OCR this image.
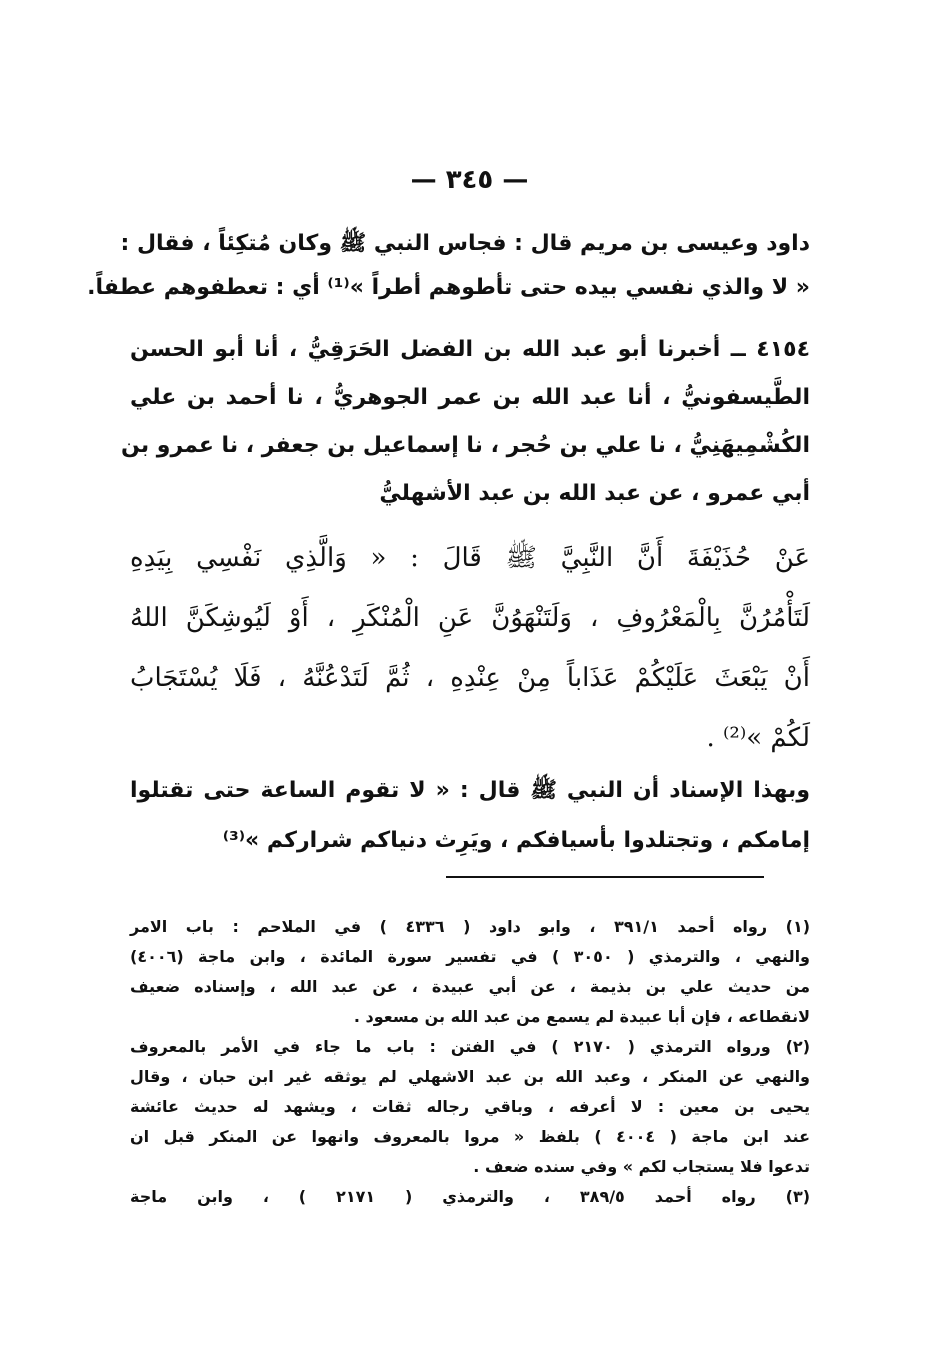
— ٣٤٥ —
داود وعيسى بن مريم قال : فجاس النبي ﷺ وكان مُتكِئاً ، فقال :
« لا والذي نفسي بيده حتى تأطوهم أطراً »⁽¹⁾ أي : تعطفوهم عطفاً.
٤١٥٤ ــ أخبرنا أبو عبد الله بن الفضل الحَرَقِيُّ ، أنا أبو الحسن
الطَّيسفونيُّ ، أنا عبد الله بن عمر الجوهريُّ ، نا أحمد بن علي
الكُشْمِيهَنِيُّ ، نا علي بن حُجر ، نا إسماعيل بن جعفر ، نا عمرو بن
أبي عمرو ، عن عبد الله بن عبد الأشهليُّ
عَنْ حُذَيْفَةَ أَنَّ النَّبِيَّ ﷺ قَالَ : « وَالَّذِي نَفْسِي بِيَدِهِ
لَتَأْمُرُنَّ بِالْمَعْرُوفِ ، وَلَتَنْهَوُنَّ عَنِ الْمُنْكَرِ ، أَوْ لَيُوشِكَنَّ اللهُ
أَنْ يَبْعَثَ عَلَيْكُمْ عَذَاباً مِنْ عِنْدِهِ ، ثُمَّ لَتَدْعُنَّهُ ، فَلَا يُسْتَجَابُ
لَكُمْ »⁽²⁾ .
وبهذا الإسناد أن النبي ﷺ قال : « لا تقوم الساعة حتى تقتلوا
إمامكم ، وتجتلدوا بأسيافكم ، ويَرِث دنياكم شراركم »⁽³⁾
(١) رواه أحمد ٣٩١/١ ، وابو داود ( ٤٣٣٦ ) في الملاحم : باب الامر
والنهي ، والترمذي ( ٣٠٥٠ ) في تفسير سورة المائدة ، وابن ماجة (٤٠٠٦)
من حديث علي بن بذيمة ، عن أبي عبيدة ، عن عبد الله ، وإسناده ضعيف
لانقطاعه ، فإن أبا عبيدة لم يسمع من عبد الله بن مسعود .
(٢) ورواه الترمذي ( ٢١٧٠ ) في الفتن : باب ما جاء في الأمر بالمعروف
والنهي عن المنكر ، وعبد الله بن عبد الاشهلي لم يوثقه غير ابن حبان ، وقال
يحيى بن معين : لا أعرفه ، وباقي رجاله ثقات ، ويشهد له حديث عائشة
عند ابن ماجة ( ٤٠٠٤ ) بلفظ « مروا بالمعروف وانهوا عن المنكر قبل ان
تدعوا فلا يستجاب لكم » وفي سنده ضعف .
(٣) رواه أحمد ٣٨٩/٥ ، والترمذي ( ٢١٧١ ) ، وابن ماجة
